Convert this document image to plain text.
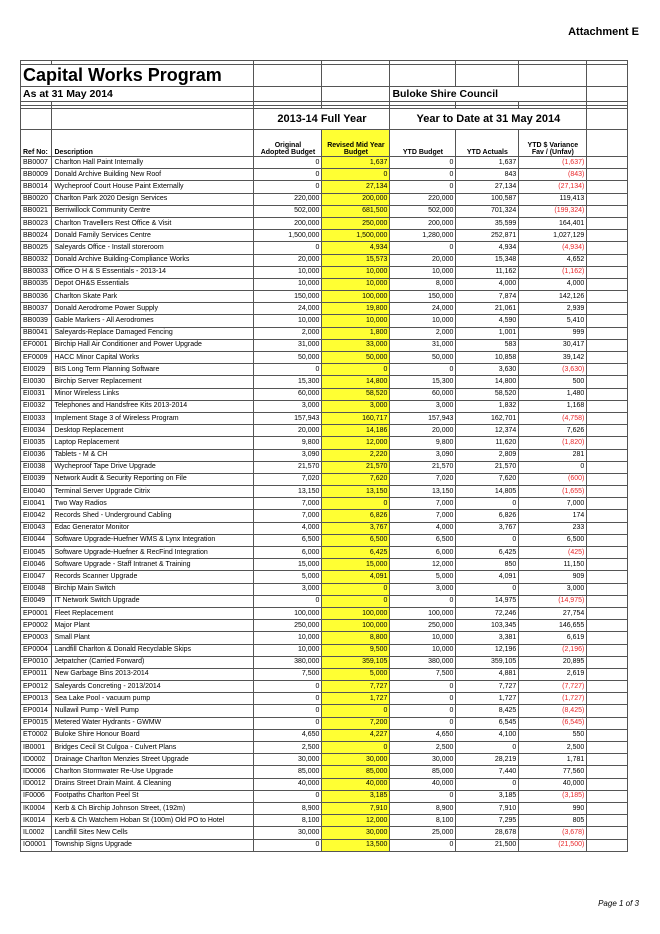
Attachment E

Capital Works Program							
As at 31 May 2014				Buloke Shire Council			

		2013-14 Full Year		Year to Date at 31 May 2014			
Ref No:	Description	Original
Adopted Budget	Revised Mid Year
Budget	YTD Budget	YTD Actuals	YTD $ Variance
Fav / (Unfav)	
BB0007	Charlton Hall Paint Internally	0	1,637	0	1,637	(1,637)	
BB0009	Donald Archive Building New Roof	0	0	0	843	(843)	
BB0014	Wycheproof Court House Paint Externally	0	27,134	0	27,134	(27,134)	
BB0020	Charlton Park 2020 Design Services	220,000	200,000	220,000	100,587	119,413	
BB0021	Berriwillock Community Centre	502,000	681,500	502,000	701,324	(199,324)	
BB0023	Charlton Travellers Rest Office & Visit	200,000	250,000	200,000	35,599	164,401	
BB0024	Donald Family Services Centre	1,500,000	1,500,000	1,280,000	252,871	1,027,129	
BB0025	Saleyards Office - Install storeroom	0	4,934	0	4,934	(4,934)	
BB0032	Donald Archive Building-Compliance Works	20,000	15,573	20,000	15,348	4,652	
BB0033	Office O H & S Essentials - 2013-14	10,000	10,000	10,000	11,162	(1,162)	
BB0035	Depot OH&S Essentials	10,000	10,000	8,000	4,000	4,000	
BB0036	Charlton Skate Park	150,000	100,000	150,000	7,874	142,126	
BB0037	Donald Aerodrome Power Supply	24,000	19,800	24,000	21,061	2,939	
BB0039	Gable Markers - All Aerodromes	10,000	10,000	10,000	4,590	5,410	
BB0041	Saleyards-Replace Damaged Fencing	2,000	1,800	2,000	1,001	999	
EF0001	Birchip Hall Air Conditioner and Power Upgrade	31,000	33,000	31,000	583	30,417	
EF0009	HACC Minor Capital Works	50,000	50,000	50,000	10,858	39,142	
EI0029	BIS Long Term Planning Software	0	0	0	3,630	(3,630)	
EI0030	Birchip Server Replacement	15,300	14,800	15,300	14,800	500	
EI0031	Minor Wireless Links	60,000	58,520	60,000	58,520	1,480	
EI0032	Telephones and Handsfree Kits 2013-2014	3,000	3,000	3,000	1,832	1,168	
EI0033	Implement Stage 3 of Wireless Program	157,943	160,717	157,943	162,701	(4,758)	
EI0034	Desktop Replacement	20,000	14,186	20,000	12,374	7,626	
EI0035	Laptop Replacement	9,800	12,000	9,800	11,620	(1,820)	
EI0036	Tablets - M & CH	3,090	2,220	3,090	2,809	281	
EI0038	Wycheproof Tape Drive Upgrade	21,570	21,570	21,570	21,570	0	
EI0039	Network Audit & Security Reporting on File	7,020	7,620	7,020	7,620	(600)	
EI0040	Terminal Server Upgrade Citrix	13,150	13,150	13,150	14,805	(1,655)	
EI0041	Two Way Radios	7,000	0	7,000	0	7,000	
EI0042	Records Shed - Underground Cabling	7,000	6,826	7,000	6,826	174	
EI0043	Edac Generator Monitor	4,000	3,767	4,000	3,767	233	
EI0044	Software Upgrade-Huefner WMS & Lynx Integration	6,500	6,500	6,500	0	6,500	
EI0045	Software Upgrade-Huefner & RecFind Integration	6,000	6,425	6,000	6,425	(425)	
EI0046	Software Upgrade - Staff Intranet & Training	15,000	15,000	12,000	850	11,150	
EI0047	Records Scanner Upgrade	5,000	4,091	5,000	4,091	909	
EI0048	Birchip Main Switch	3,000	0	3,000	0	3,000	
EI0049	IT Network Switch Upgrade	0	0	0	14,975	(14,975)	
EP0001	Fleet Replacement	100,000	100,000	100,000	72,246	27,754	
EP0002	Major Plant	250,000	100,000	250,000	103,345	146,655	
EP0003	Small Plant	10,000	8,800	10,000	3,381	6,619	
EP0004	Landfill Charlton & Donald Recyclable Skips	10,000	9,500	10,000	12,196	(2,196)	
EP0010	Jetpatcher (Carried Forward)	380,000	359,105	380,000	359,105	20,895	
EP0011	New Garbage Bins 2013-2014	7,500	5,000	7,500	4,881	2,619	
EP0012	Saleyards Concreting - 2013/2014	0	7,727	0	7,727	(7,727)	
EP0013	Sea Lake Pool - vacuum pump	0	1,727	0	1,727	(1,727)	
EP0014	Nullawil Pump - Well Pump	0	0	0	8,425	(8,425)	
EP0015	Metered Water Hydrants - GWMW	0	7,200	0	6,545	(6,545)	
ET0002	Buloke Shire Honour Board	4,650	4,227	4,650	4,100	550	
IB0001	Bridges Cecil St Culgoa - Culvert Plans	2,500	0	2,500	0	2,500	
ID0002	Drainage Charlton Menzies Street Upgrade	30,000	30,000	30,000	28,219	1,781	
ID0006	Charlton Stormwater Re-Use Upgrade	85,000	85,000	85,000	7,440	77,560	
ID0012	Drains Street Drain Maint. & Cleaning	40,000	40,000	40,000	0	40,000	
IF0006	Footpaths Charlton Peel St	0	3,185	0	3,185	(3,185)	
IK0004	Kerb & Ch Birchip Johnson Street, (192m)	8,900	7,910	8,900	7,910	990	
IK0014	Kerb & Ch Watchem Hoban St (100m) Old PO to Hotel	8,100	12,000	8,100	7,295	805	
IL0002	Landfill Sites New Cells	30,000	30,000	25,000	28,678	(3,678)	
IO0001	Township Signs Upgrade	0	13,500	0	21,500	(21,500)	
Page 1 of 3
